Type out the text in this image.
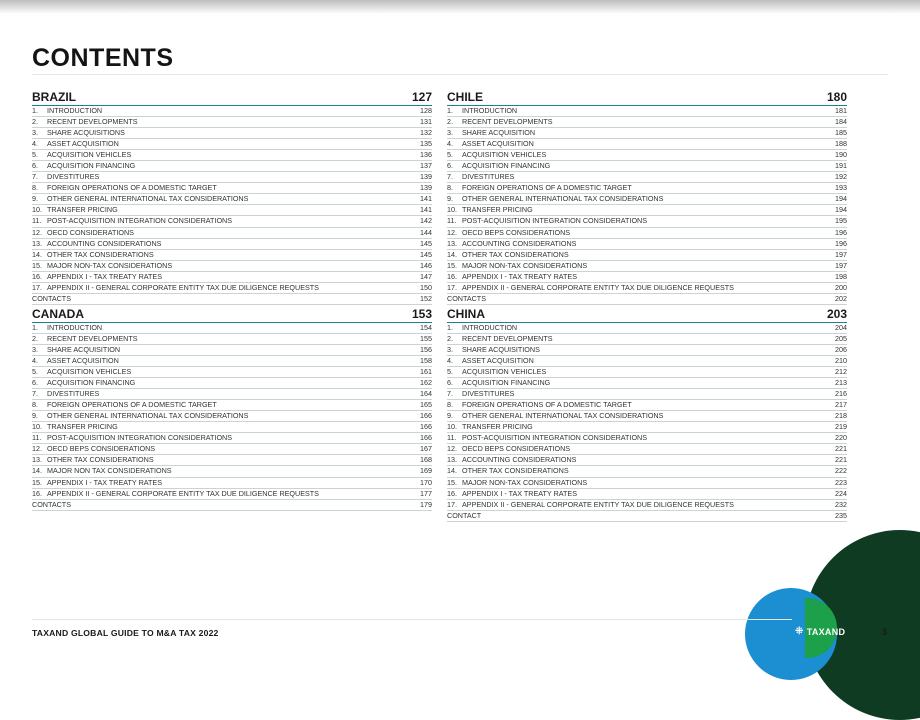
CONTENTS
BRAZIL	127
1.	INTRODUCTION	128
2.	RECENT DEVELOPMENTS	131
3.	SHARE ACQUISITIONS	132
4.	ASSET ACQUISITION	135
5.	ACQUISITION VEHICLES	136
6.	ACQUISITION FINANCING	137
7.	DIVESTITURES	139
8.	FOREIGN OPERATIONS OF A DOMESTIC TARGET	139
9.	OTHER GENERAL INTERNATIONAL TAX CONSIDERATIONS	141
10. TRANSFER PRICING	141
11. POST-ACQUISITION INTEGRATION CONSIDERATIONS	142
12. OECD CONSIDERATIONS	144
13. ACCOUNTING CONSIDERATIONS	145
14. OTHER TAX CONSIDERATIONS	145
15. MAJOR NON-TAX CONSIDERATIONS	146
16. APPENDIX I - TAX TREATY RATES	147
17. APPENDIX II - GENERAL CORPORATE ENTITY TAX DUE DILIGENCE REQUESTS	150
CONTACTS	152
CANADA	153
1.	INTRODUCTION	154
2.	RECENT DEVELOPMENTS	155
3.	SHARE ACQUISITION	156
4.	ASSET ACQUISITION	158
5.	ACQUISITION VEHICLES	161
6.	ACQUISITION FINANCING	162
7.	DIVESTITURES	164
8.	FOREIGN OPERATIONS OF A DOMESTIC TARGET	165
9.	OTHER GENERAL INTERNATIONAL TAX CONSIDERATIONS	166
10. TRANSFER PRICING	166
11. POST-ACQUISITION INTEGRATION CONSIDERATIONS	166
12. OECD BEPS CONSIDERATIONS	167
13. OTHER TAX CONSIDERATIONS	168
14. MAJOR NON TAX CONSIDERATIONS	169
15. APPENDIX I - TAX TREATY RATES	170
16. APPENDIX II - GENERAL CORPORATE ENTITY TAX DUE DILIGENCE REQUESTS	177
CONTACTS	179
CHILE	180
1.	INTRODUCTION	181
2.	RECENT DEVELOPMENTS	184
3.	SHARE ACQUISITION	185
4.	ASSET ACQUISITION	188
5.	ACQUISITION VEHICLES	190
6.	ACQUISITION FINANCING	191
7.	DIVESTITURES	192
8.	FOREIGN OPERATIONS OF A DOMESTIC TARGET	193
9.	OTHER GENERAL INTERNATIONAL TAX CONSIDERATIONS	194
10. TRANSFER PRICING	194
11. POST-ACQUISITION INTEGRATION CONSIDERATIONS	195
12. OECD BEPS CONSIDERATIONS	196
13. ACCOUNTING CONSIDERATIONS	196
14. OTHER TAX CONSIDERATIONS	197
15. MAJOR NON-TAX CONSIDERATIONS	197
16. APPENDIX I - TAX TREATY RATES	198
17. APPENDIX II - GENERAL CORPORATE ENTITY TAX DUE DILIGENCE REQUESTS	200
CONTACTS	202
CHINA	203
1.	INTRODUCTION	204
2.	RECENT DEVELOPMENTS	205
3.	SHARE ACQUISITIONS	206
4.	ASSET ACQUISITION	210
5.	ACQUISITION VEHICLES	212
6.	ACQUISITION FINANCING	213
7.	DIVESTITURES	216
8.	FOREIGN OPERATIONS OF A DOMESTIC TARGET	217
9.	OTHER GENERAL INTERNATIONAL TAX CONSIDERATIONS	218
10. TRANSFER PRICING	219
11. POST-ACQUISITION INTEGRATION CONSIDERATIONS	220
12. OECD BEPS CONSIDERATIONS	221
13. ACCOUNTING CONSIDERATIONS	221
14. OTHER TAX CONSIDERATIONS	222
15. MAJOR NON-TAX CONSIDERATIONS	223
16. APPENDIX I - TAX TREATY RATES	224
17. APPENDIX II - GENERAL CORPORATE ENTITY TAX DUE DILIGENCE REQUESTS	232
CONTACT	235
TAXAND GLOBAL GUIDE TO M&A TAX 2022	⁜ TAXAND	3
